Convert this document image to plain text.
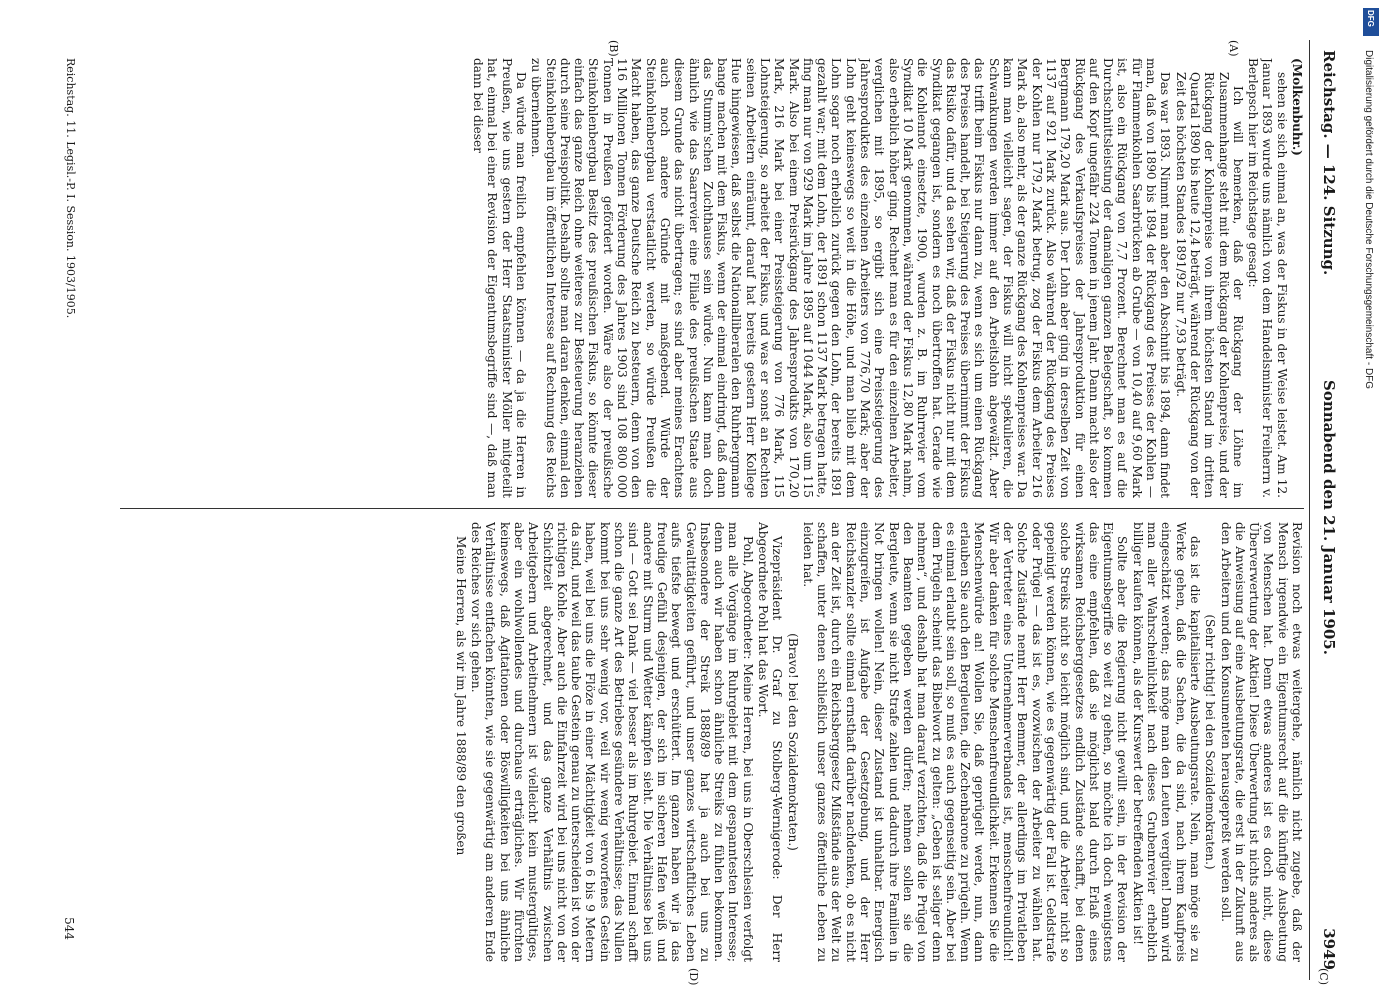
Reichstag. — 124. Sitzung.
Sonnabend den 21. Januar 1905.
3949
(A)
(B)
(C)
(D)

(Molkenbuhr.)

sehen sie sich einmal an, was der Fiskus in der Weise leistet. Am 12. Januar 1893 wurde uns nämlich von dem Handelsminister Freiherrn v. Berlepsch hier im Reichstage gesagt:

Ich will bemerken, daß der Rückgang der Löhne im Zusammenhange steht mit dem Rückgang der Kohlenpreise, und der Rückgang der Kohlenpreise von ihrem höchsten Stand im dritten Quartal 1890 bis heute 12,4 beträgt, während der Rückgang von der Zeit des höchsten Standes 1891/92 nur 7,93 beträgt.

Das war 1893. Nimmt man aber den Abschnitt bis 1894, dann findet man, daß von 1890 bis 1894 der Rückgang des Preises der Kohlen — für Flammenkohlen Saarbrücken ab Grube — von 10,40 auf 9,60 Mark ist, also ein Rückgang von 7,7 Prozent. Berechnet man es auf die Durchschnittsleistung der damaligen ganzen Belegschaft, so kommen auf den Kopf ungefähr 224 Tonnen in jenem Jahr. Dann macht also der Rückgang des Verkaufspreises der Jahresproduktion für einen Bergmann 179,20 Mark aus. Der Lohn aber ging in derselben Zeit von 1137 auf 921 Mark zurück. Also während der Rückgang des Preises der Kohlen nur 179,2 Mark betrug, zog der Fiskus dem Arbeiter 216 Mark ab, also mehr, als der ganze Rückgang des Kohlenpreises war. Da kann man vielleicht sagen, der Fiskus will nicht spekulieren, die Schwankungen werden immer auf den Arbeitslohn abgewälzt. Aber das trifft beim Fiskus nur dann zu, wenn es sich um einen Rückgang des Preises handelt, bei Steigerung des Preises übernimmt der Fiskus das Risiko dafür, und da sehen wir, daß der Fiskus nicht nur mit dem Syndikat gegangen ist, sondern es noch übertroffen hat. Gerade wie die Kohlennot einsetzte, 1900, wurden z. B. im Ruhrrevier vom Syndikat 10 Mark genommen, während der Fiskus 12,80 Mark nahm, also erheblich höher ging. Rechnet man es für den einzelnen Arbeiter, verglichen mit 1895, so ergibt sich eine Preissteigerung des Jahresproduktes des einzelnen Arbeiters von 776,70 Mark; aber der Lohn geht keineswegs so weit in die Höhe, und man blieb mit dem Lohn sogar noch erheblich zurück gegen den Lohn, der bereits 1891 gezahlt war; mit dem Lohn, der 1891 schon 1137 Mark betragen hatte, fing man nur von 929 Mark im Jahre 1895 auf 1044 Mark, also um 115 Mark. Also bei einem Preisrückgang des Jahresprodukts von 170,20 Mark, 216 Mark bei einer Preissteigerung von 776 Mark, 115 Lohnsteigerung, so arbeitet der Fiskus, und was er sonst an Rechten seinen Arbeitern einräumt, darauf hat bereits gestern Herr Kollege Hue hingewiesen, daß selbst die Nationalliberalen den Ruhrbergmann bange machen mit dem Fiskus, wenn der einmal eindringt, daß dann das Stumm'schen Zuchthauses sein würde. Nun kann man doch ähnlich wie das Saarrevier eine Filiale des preußischen Staate aus diesem Grunde das nicht übertragen; es sind aber meines Erachtens auch noch andere Gründe mit maßgebend. Würde der Steinkohlenbergbau verstaatlicht werden, so würde Preußen die Macht haben, das ganze Deutsche Reich zu besteuern, denn von den 116 Millionen Tonnen Förderung des Jahres 1903 sind 108 800 000 Tonnen in Preußen gefördert worden. Wäre also der preußische Steinkohlenbergbau Besitz des preußischen Fiskus, so könnte dieser einfach das ganze Reich ohne weiteres zur Besteuerung heranziehen durch seine Preispolitik. Deshalb sollte man daran denken, einmal den Steinkohlenbergbau im öffentlichen Interesse auf Rechnung des Reichs zu übernehmen.

Da würde man freilich empfehlen können — da ja die Herren in Preußen, wie uns gestern der Herr Staatsminister Möller mitgeteilt hat, einmal bei einer Revision der Eigentumsbegriffe sind —, daß man dann bei dieser

Revision noch etwas weitergehe, nämlich nicht zugebe, daß der Mensch irgendwie ein Eigentumsrecht auf die künftige Ausbeutung von Menschen hat. Denn etwas anderes ist es doch nicht, diese Überverwertung der Aktien! Diese Überwertung ist nichts anderes als die Anweisung auf eine Ausbeutungsrate, die erst in der Zukunft aus den Arbeitern und den Konsumenten herausgepreßt werden soll.

(Sehr richtig! bei den Sozialdemokraten.)

das ist die kapitalisierte Ausbeutungsrate. Nein, man möge sie zu Werke gehen, daß die Sachen, die da sind, nach ihrem Kaufpreis eingeschätzt werden; das möge man den Leuten vergüten! Dann wird man aller Wahrscheinlichkeit nach dieses Grubenrevier erheblich billiger kaufen können, als der Kurswert der betreffenden Aktien ist!

Sollte aber die Regierung nicht gewillt sein, in der Revision der Eigentumsbegriffe so weit zu gehen, so möchte ich doch wenigstens das eine empfehlen, daß sie möglichst bald durch Erlaß eines wirksamen Reichsberggesetzes endlich Zustände schafft, bei denen solche Streiks nicht so leicht möglich sind, und die Arbeiter nicht so gepeinigt werden können, wie es gegenwärtig der Fall ist. Geldstrafe oder Prügel — das ist es, wozwischen der Arbeiter zu wählen hat. Solche Zustände nennt Herr Bemmer, der allerdings im Privatleben der Vertreter eines Unternehmerverbandes ist, menschenfreundlich! Wir aber danken für solche Menschenfreundlichkeit. Erkennen Sie die Menschenwürde an! Wollen Sie, daß geprügelt werde, nun, dann erlauben Sie auch den Bergleuten, die Zechenbarone zu prügeln. Wenn es einmal erlaubt sein soll, so muß es auch gegenseitig sein. Aber bei dem Prügeln scheint das Bibelwort zu gelten: „Geben ist seliger denn nehmen“, und deshalb hat man darauf verzichten, daß die Prügel von den Beamten gegeben werden dürfen; nehmen sollen sie die Bergleute, wenn sie nicht Strafe zahlen und dadurch ihre Familien in Not bringen wollen! Nein, dieser Zustand ist unhaltbar. Energisch einzugreifen, ist Aufgabe der Gesetzgebung, und der Herr Reichskanzler sollte einmal ernsthaft darüber nachdenken, ob es nicht an der Zeit ist, durch ein Reichsberggesetz Mißstände aus der Welt zu schaffen, unter denen schließlich unser ganzes öffentliche Leben zu leiden hat.

(Bravo! bei den Sozialdemokraten.)

Vizepräsident Dr. Graf zu Stolberg-Wernigerode: Der Herr Abgeordnete Pohl hat das Wort.

Pohl, Abgeordneter: Meine Herren, bei uns in Oberschlesien verfolgt man alle Vorgänge im Ruhrgebiet mit dem gespanntesten Interesse; denn auch wir haben schon ähnliche Streiks zu fühlen bekommen. Insbesondere der Streik 1888/89 hat ja auch bei uns zu Gewalttätigkeiten geführt, und unser ganzes wirtschaftliches Leben aufs tiefste bewegt und erschüttert. Im ganzen haben wir ja das freudige Gefühl desjenigen, der sich im sicheren Hafen weiß und andere mit Sturm und Wetter kämpfen sieht. Die Verhältnisse bei uns sind — Gott sei Dank — viel besser als im Ruhrgebiet. Einmal schafft schon die ganze Art des Betriebes gesündere Verhältnisse; das Nullen kommt bei uns sehr wenig vor, weil wir wenig verworfenes Gestein haben, weil bei uns die Flöze in einer Mächtigkeit von 6 bis 9 Metern da sind, und weil das taube Gestein genau zu unterscheiden ist von der richtigen Kohle. Aber auch die Einfahrzeit wird bei uns nicht von der Schichtzeit abgerechnet, und das ganze Verhältnis zwischen Arbeitgebern und Arbeitnehmern ist vielleicht kein mustergültiges, aber ein wohlwollendes und durchaus erträgliches. Wir fürchten keineswegs, daß Agitationen oder Böswilligkeiten bei uns ähnliche Verhältnisse entfachen könnten, wie sie gegenwärtig am anderen Ende des Reiches vor sich gehen.

Meine Herren, als wir im Jahre 1888/89 den großen

Reichstag. 11. Legisl.-P. I. Session. 1903/1905.
544
Digitalisierung gefördert durch die Deutsche Forschungsgemeinschaft - DFG
DFG
